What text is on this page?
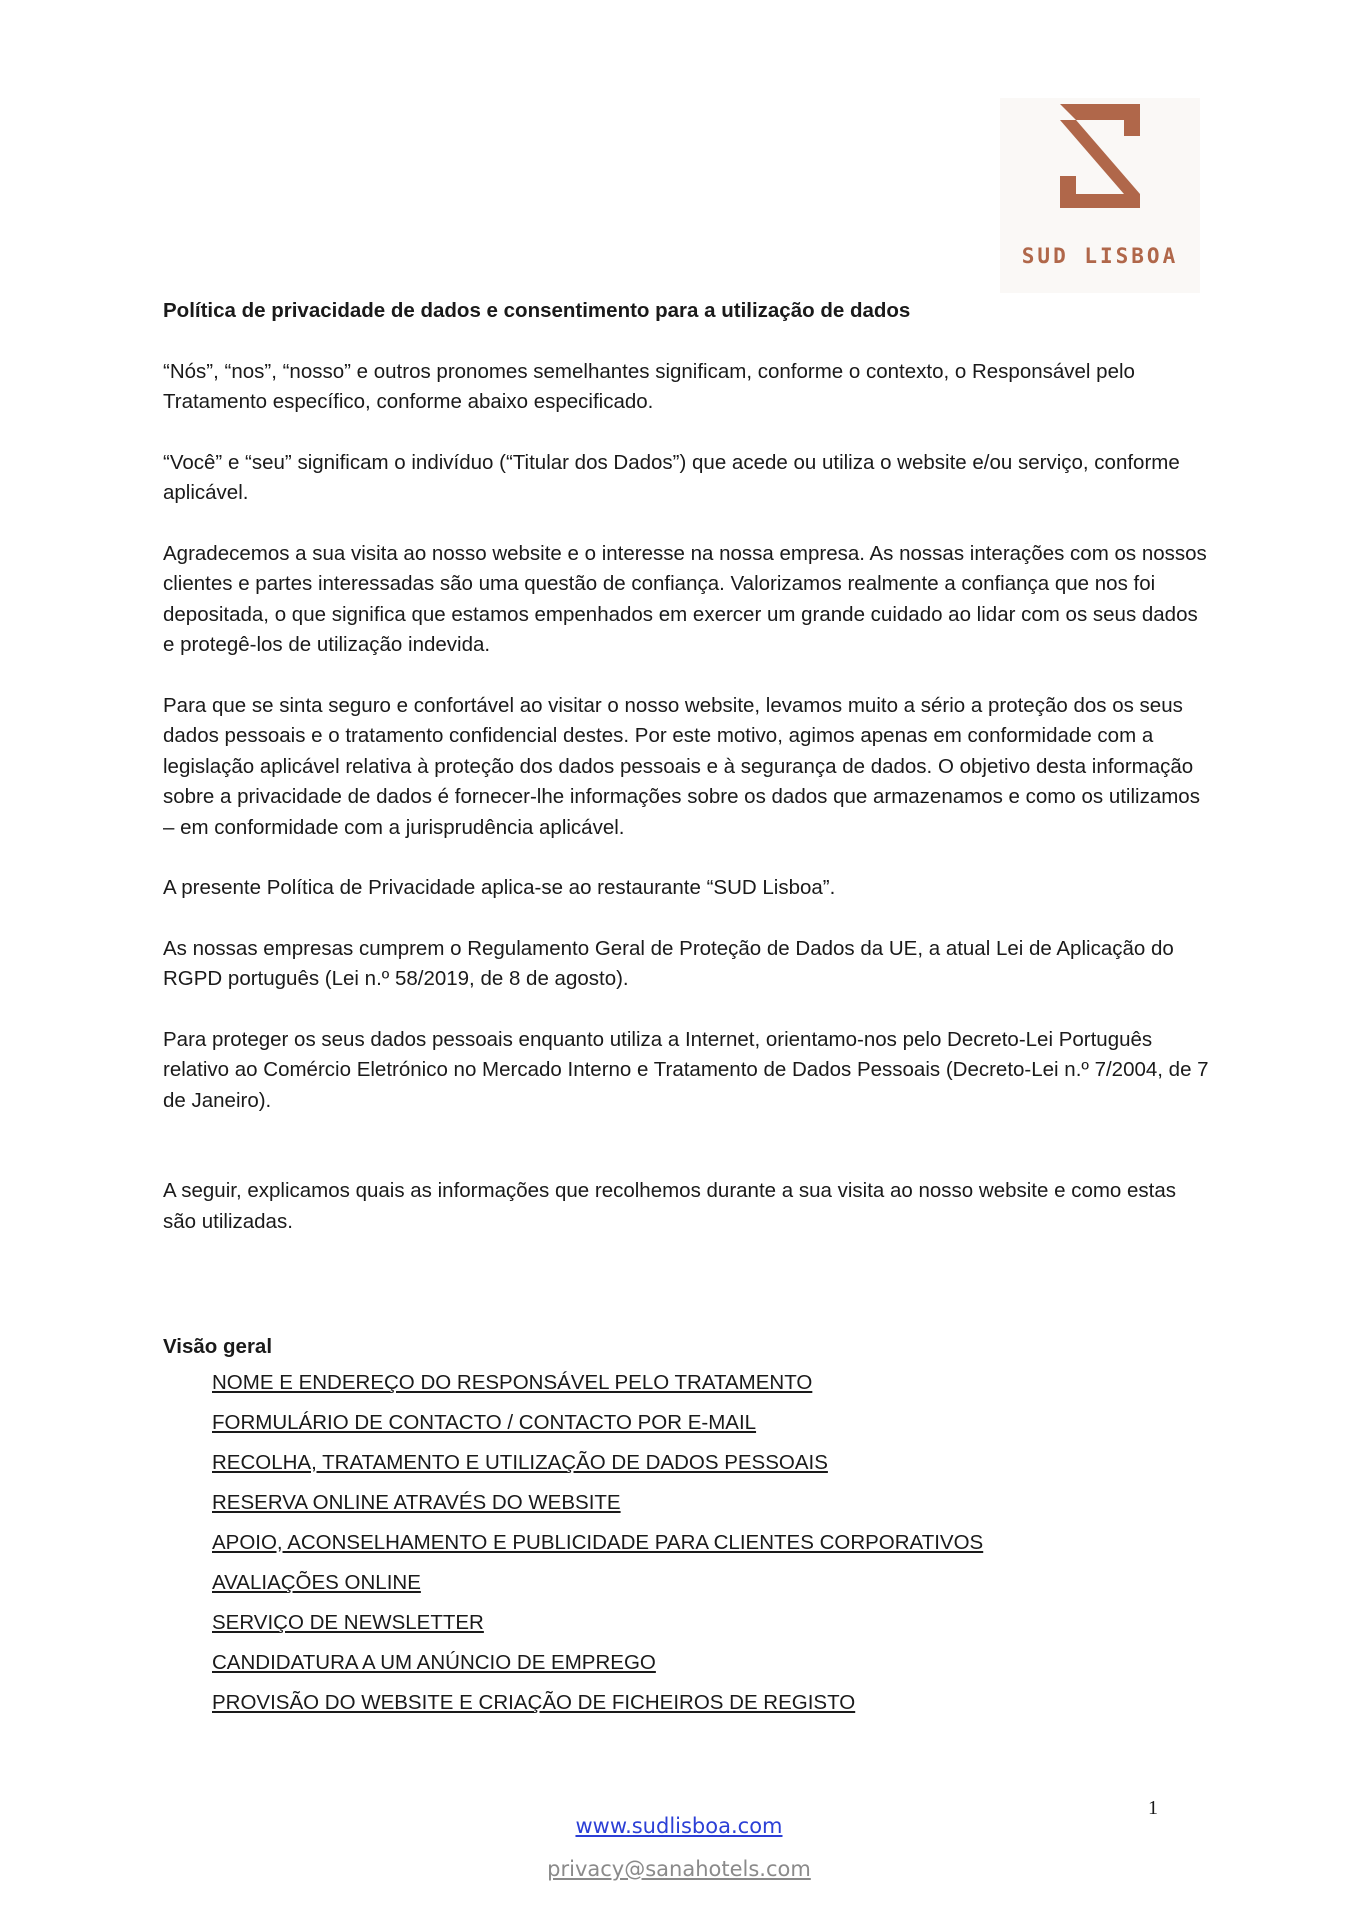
SUD LISBOA

Política de privacidade de dados e consentimento para a utilização de dados

“Nós”, “nos”, “nosso” e outros pronomes semelhantes significam, conforme o contexto, o Responsável pelo Tratamento específico, conforme abaixo especificado.

“Você” e “seu” significam o indivíduo (“Titular dos Dados”) que acede ou utiliza o website e/ou serviço, conforme aplicável.

Agradecemos a sua visita ao nosso website e o interesse na nossa empresa. As nossas interações com os nossos clientes e partes interessadas são uma questão de confiança. Valorizamos realmente a confiança que nos foi depositada, o que significa que estamos empenhados em exercer um grande cuidado ao lidar com os seus dados e protegê-los de utilização indevida.

Para que se sinta seguro e confortável ao visitar o nosso website, levamos muito a sério a proteção dos os seus dados pessoais e o tratamento confidencial destes. Por este motivo, agimos apenas em conformidade com a legislação aplicável relativa à proteção dos dados pessoais e à segurança de dados. O objetivo desta informação sobre a privacidade de dados é fornecer-lhe informações sobre os dados que armazenamos e como os utilizamos – em conformidade com a jurisprudência aplicável.

A presente Política de Privacidade aplica-se ao restaurante “SUD Lisboa”.

As nossas empresas cumprem o Regulamento Geral de Proteção de Dados da UE, a atual Lei de Aplicação do RGPD português (Lei n.º 58/2019, de 8 de agosto).

Para proteger os seus dados pessoais enquanto utiliza a Internet, orientamo-nos pelo Decreto-Lei Português relativo ao Comércio Eletrónico no Mercado Interno e Tratamento de Dados Pessoais (Decreto-Lei n.º 7/2004, de 7 de Janeiro).

A seguir, explicamos quais as informações que recolhemos durante a sua visita ao nosso website e como estas são utilizadas.

Visão geral

NOME E ENDEREÇO DO RESPONSÁVEL PELO TRATAMENTO
FORMULÁRIO DE CONTACTO / CONTACTO POR E-MAIL
RECOLHA, TRATAMENTO E UTILIZAÇÃO DE DADOS PESSOAIS
RESERVA ONLINE ATRAVÉS DO WEBSITE
APOIO, ACONSELHAMENTO E PUBLICIDADE PARA CLIENTES CORPORATIVOS
AVALIAÇÕES ONLINE
SERVIÇO DE NEWSLETTER
CANDIDATURA A UM ANÚNCIO DE EMPREGO
PROVISÃO DO WEBSITE E CRIAÇÃO DE FICHEIROS DE REGISTO
1
www.sudlisboa.com
privacy@sanahotels.com
